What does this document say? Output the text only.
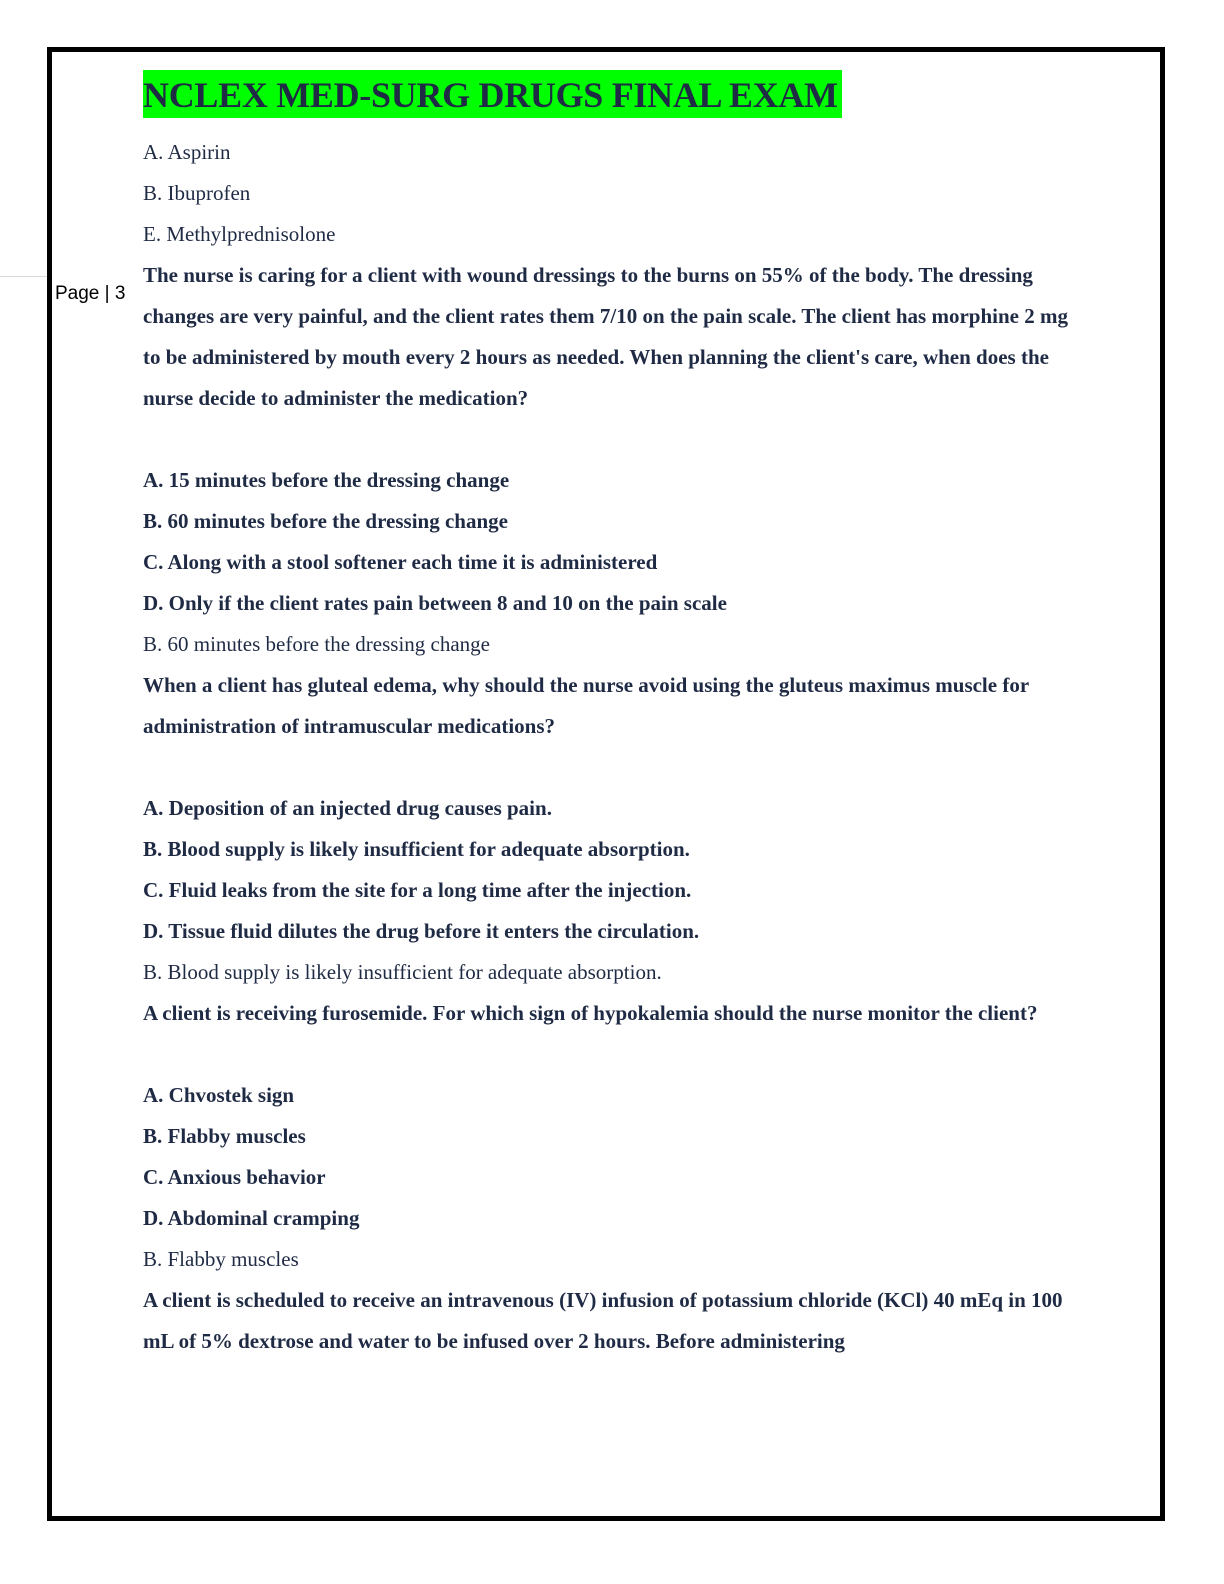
Page | 3
NCLEX MED-SURG DRUGS FINAL EXAM

A. Aspirin

B. Ibuprofen

E. Methylprednisolone

The nurse is caring for a client with wound dressings to the burns on 55% of the body. The dressing changes are very painful, and the client rates them 7/10 on the pain scale. The client has morphine 2 mg to be administered by mouth every 2 hours as needed. When planning the client's care, when does the nurse decide to administer the medication?

A. 15 minutes before the dressing change

B. 60 minutes before the dressing change

C. Along with a stool softener each time it is administered

D. Only if the client rates pain between 8 and 10 on the pain scale

B. 60 minutes before the dressing change

When a client has gluteal edema, why should the nurse avoid using the gluteus maximus muscle for administration of intramuscular medications?

A. Deposition of an injected drug causes pain.

B. Blood supply is likely insufficient for adequate absorption.

C. Fluid leaks from the site for a long time after the injection.

D. Tissue fluid dilutes the drug before it enters the circulation.

B. Blood supply is likely insufficient for adequate absorption.

A client is receiving furosemide. For which sign of hypokalemia should the nurse monitor the client?

A. Chvostek sign

B. Flabby muscles

C. Anxious behavior

D. Abdominal cramping

B. Flabby muscles

A client is scheduled to receive an intravenous (IV) infusion of potassium chloride (KCl) 40 mEq in 100 mL of 5% dextrose and water to be infused over 2 hours. Before administering
